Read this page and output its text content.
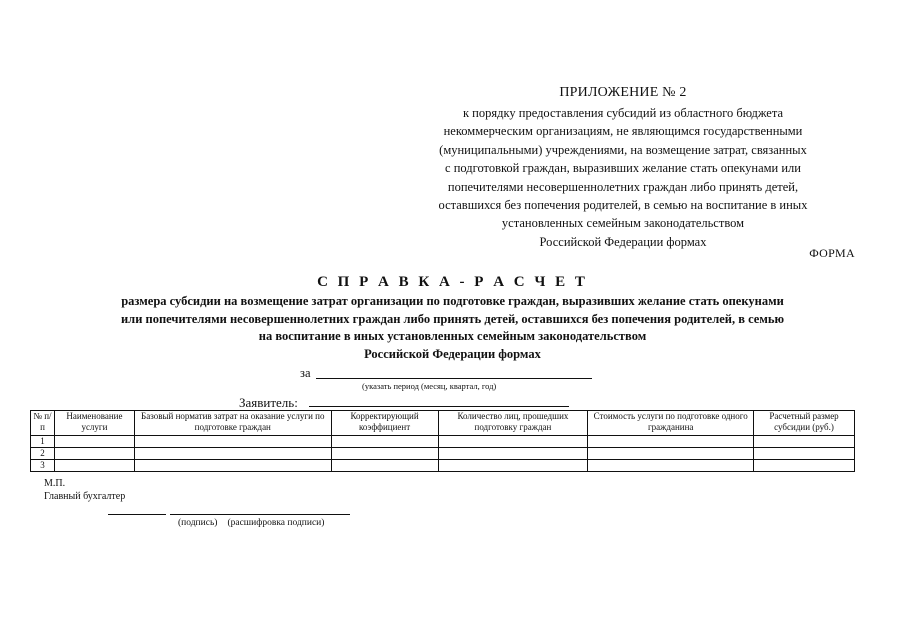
ПРИЛОЖЕНИЕ № 2
к порядку предоставления субсидий из областного бюджета
некоммерческим организациям, не являющимся государственными
(муниципальными) учреждениями, на возмещение затрат, связанных
с подготовкой граждан, выразивших желание стать опекунами или
попечителями несовершеннолетних граждан либо принять детей,
оставшихся без попечения родителей, в семью на воспитание в иных
установленных семейным законодательством
Российской Федерации формах
ФОРМА
С П Р А В К А - Р А С Ч Е Т
размера субсидии на возмещение затрат организации по подготовке граждан, выразивших желание стать опекунами
или попечителями несовершеннолетних граждан либо принять детей, оставшихся без попечения родителей, в семью
на воспитание в иных установленных семейным законодательством
Российской Федерации формах
за
(указать период (месяц, квартал, год)
Заявитель:
№ п/п	Наименование услуги	Базовый норматив затрат на оказание услуги по подготовке граждан	Корректирующий коэффициент	Количество лиц, прошедших подготовку граждан	Стоимость услуги по подготовке одного гражданина	Расчетный размер субсидии (руб.)
1						
2						
3						
М.П.
Главный бухгалтер
(подпись) (расшифровка подписи)
